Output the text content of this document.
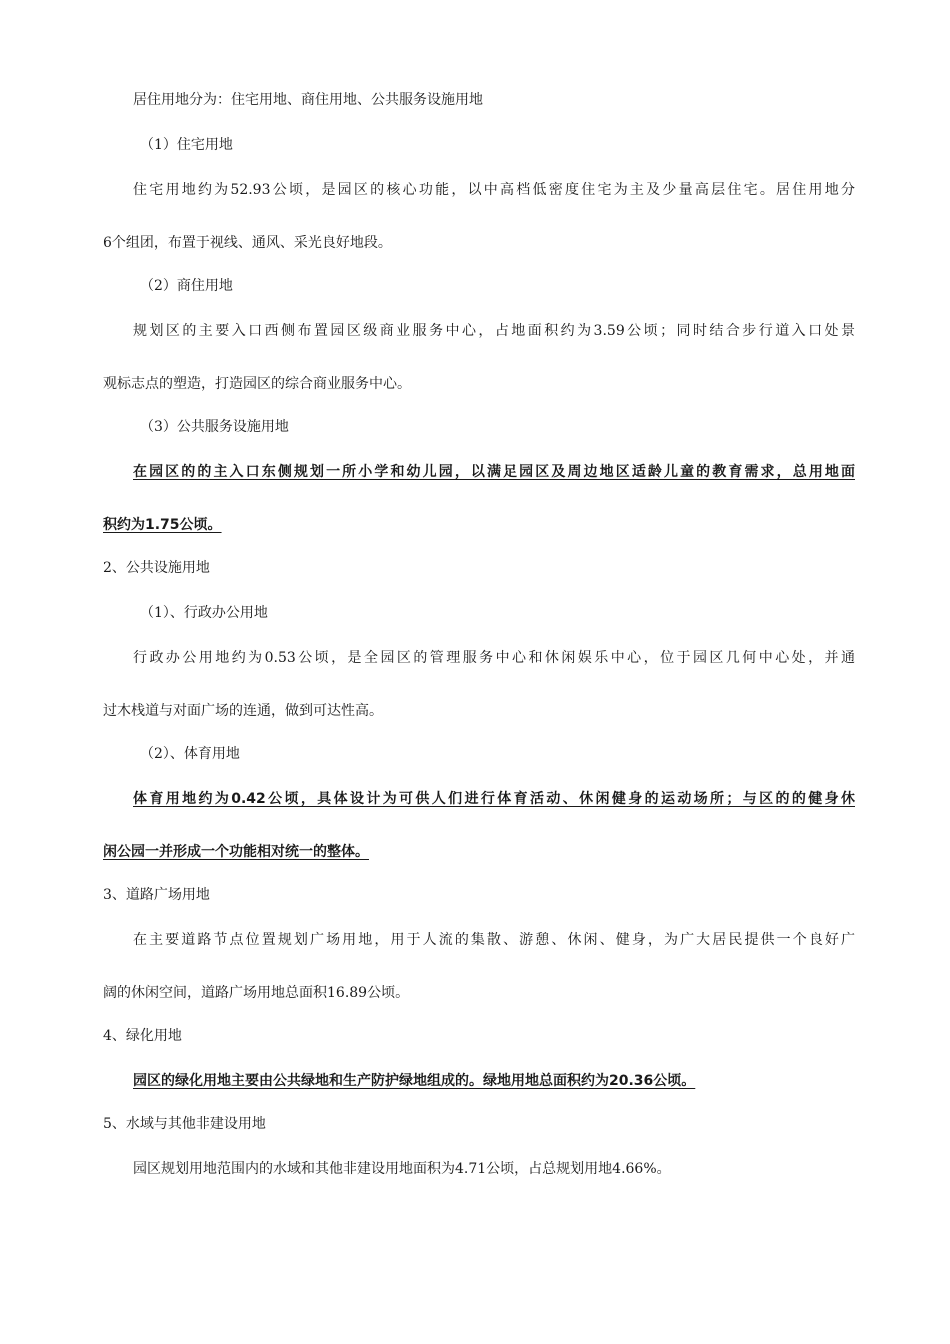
居住用地分为：住宅用地、商住用地、公共服务设施用地
（1）住宅用地
住宅用地约为52.93公顷，是园区的核心功能，以中高档低密度住宅为主及少量高层住宅。居住用地分
6个组团，布置于视线、通风、采光良好地段。
（2）商住用地
规划区的主要入口西侧布置园区级商业服务中心，占地面积约为3.59公顷；同时结合步行道入口处景
观标志点的塑造，打造园区的综合商业服务中心。
（3）公共服务设施用地
在园区的的主入口东侧规划一所小学和幼儿园，以满足园区及周边地区适龄儿童的教育需求，总用地面
积约为1.75公顷。
2、公共设施用地
（1）、行政办公用地
行政办公用地约为0.53公顷，是全园区的管理服务中心和休闲娱乐中心，位于园区几何中心处，并通
过木栈道与对面广场的连通，做到可达性高。
（2）、体育用地
体育用地约为0.42公顷，具体设计为可供人们进行体育活动、休闲健身的运动场所；与区的的健身休
闲公园一并形成一个功能相对统一的整体。
3、道路广场用地
在主要道路节点位置规划广场用地，用于人流的集散、游憩、休闲、健身，为广大居民提供一个良好广
阔的休闲空间，道路广场用地总面积16.89公顷。
4、绿化用地
园区的绿化用地主要由公共绿地和生产防护绿地组成的。绿地用地总面积约为20.36公顷。
5、水域与其他非建设用地
园区规划用地范围内的水域和其他非建设用地面积为4.71公顷，占总规划用地4.66%。
